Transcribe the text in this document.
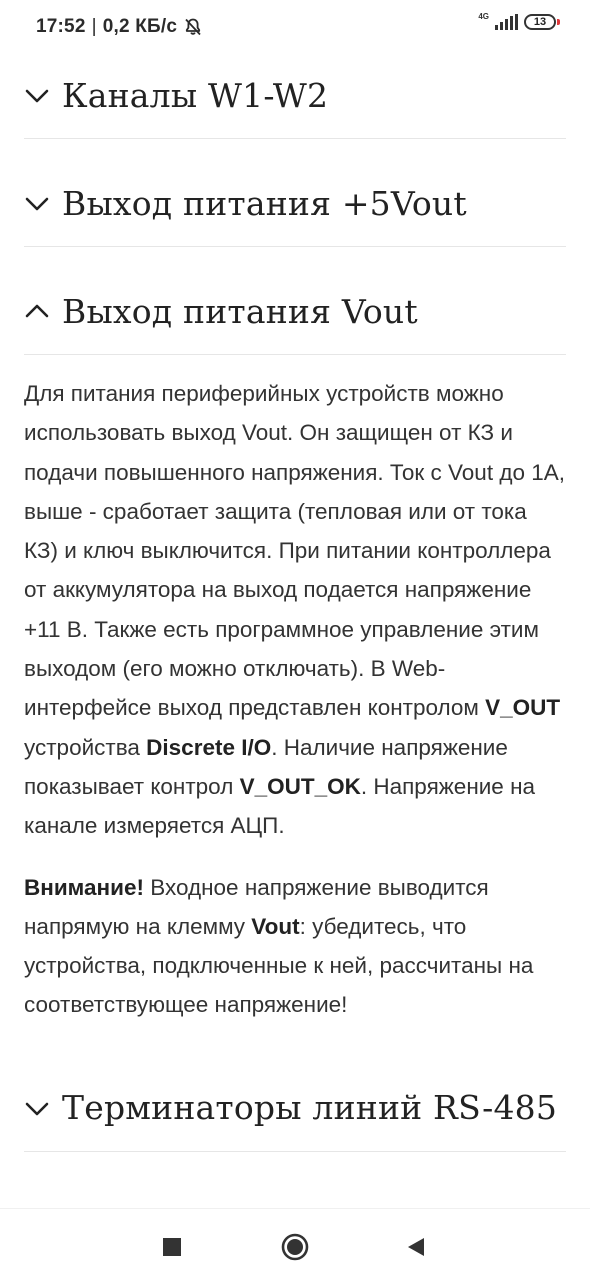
17:52 | 0,2 КБ/с	4G	13
Каналы W1-W2
Выход питания +5Vout
Выход питания Vout

Для питания периферийных устройств можно использовать выход Vout. Он защищен от КЗ и подачи повышенного напряжения. Ток с Vout до 1А, выше - сработает защита (тепловая или от тока КЗ) и ключ выключится. При питании контроллера от аккумулятора на выход подается напряжение +11 В. Также есть программное управление этим выходом (его можно отключать). В Web-интерфейсе выход представлен контролом V_OUT устройства Discrete I/O. Наличие напряжение показывает контрол V_OUT_OK. Напряжение на канале измеряется АЦП.

Внимание! Входное напряжение выводится напрямую на клемму Vout: убедитесь, что устройства, подключенные к ней, рассчитаны на соответствующее напряжение!

Терминаторы линий RS-485
